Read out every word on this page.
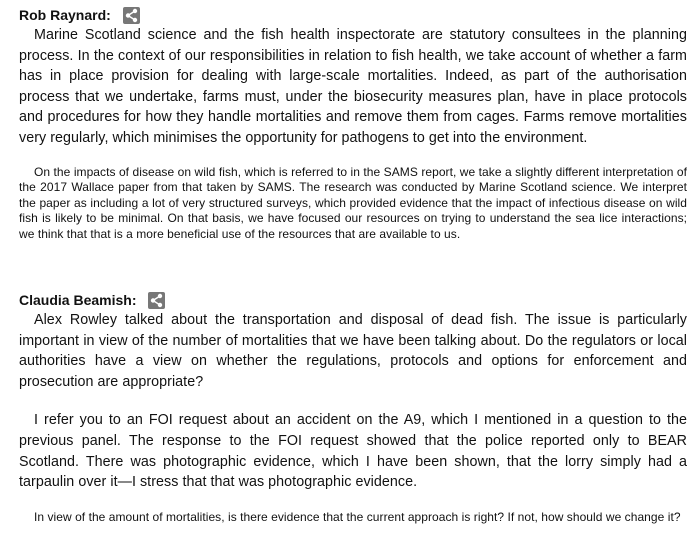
Rob Raynard:

Marine Scotland science and the fish health inspectorate are statutory consultees in the planning process. In the context of our responsibilities in relation to fish health, we take account of whether a farm has in place provision for dealing with large-scale mortalities. Indeed, as part of the authorisation process that we undertake, farms must, under the biosecurity measures plan, have in place protocols and procedures for how they handle mortalities and remove them from cages. Farms remove mortalities very regularly, which minimises the opportunity for pathogens to get into the environment.

On the impacts of disease on wild fish, which is referred to in the SAMS report, we take a slightly different interpretation of the 2017 Wallace paper from that taken by SAMS. The research was conducted by Marine Scotland science. We interpret the paper as including a lot of very structured surveys, which provided evidence that the impact of infectious disease on wild fish is likely to be minimal. On that basis, we have focused our resources on trying to understand the sea lice interactions; we think that that is a more beneficial use of the resources that are available to us.

Claudia Beamish:

Alex Rowley talked about the transportation and disposal of dead fish. The issue is particularly important in view of the number of mortalities that we have been talking about. Do the regulators or local authorities have a view on whether the regulations, protocols and options for enforcement and prosecution are appropriate?

I refer you to an FOI request about an accident on the A9, which I mentioned in a question to the previous panel. The response to the FOI request showed that the police reported only to BEAR Scotland. There was photographic evidence, which I have been shown, that the lorry simply had a tarpaulin over it—I stress that that was photographic evidence.

In view of the amount of mortalities, is there evidence that the current approach is right? If not, how should we change it?
